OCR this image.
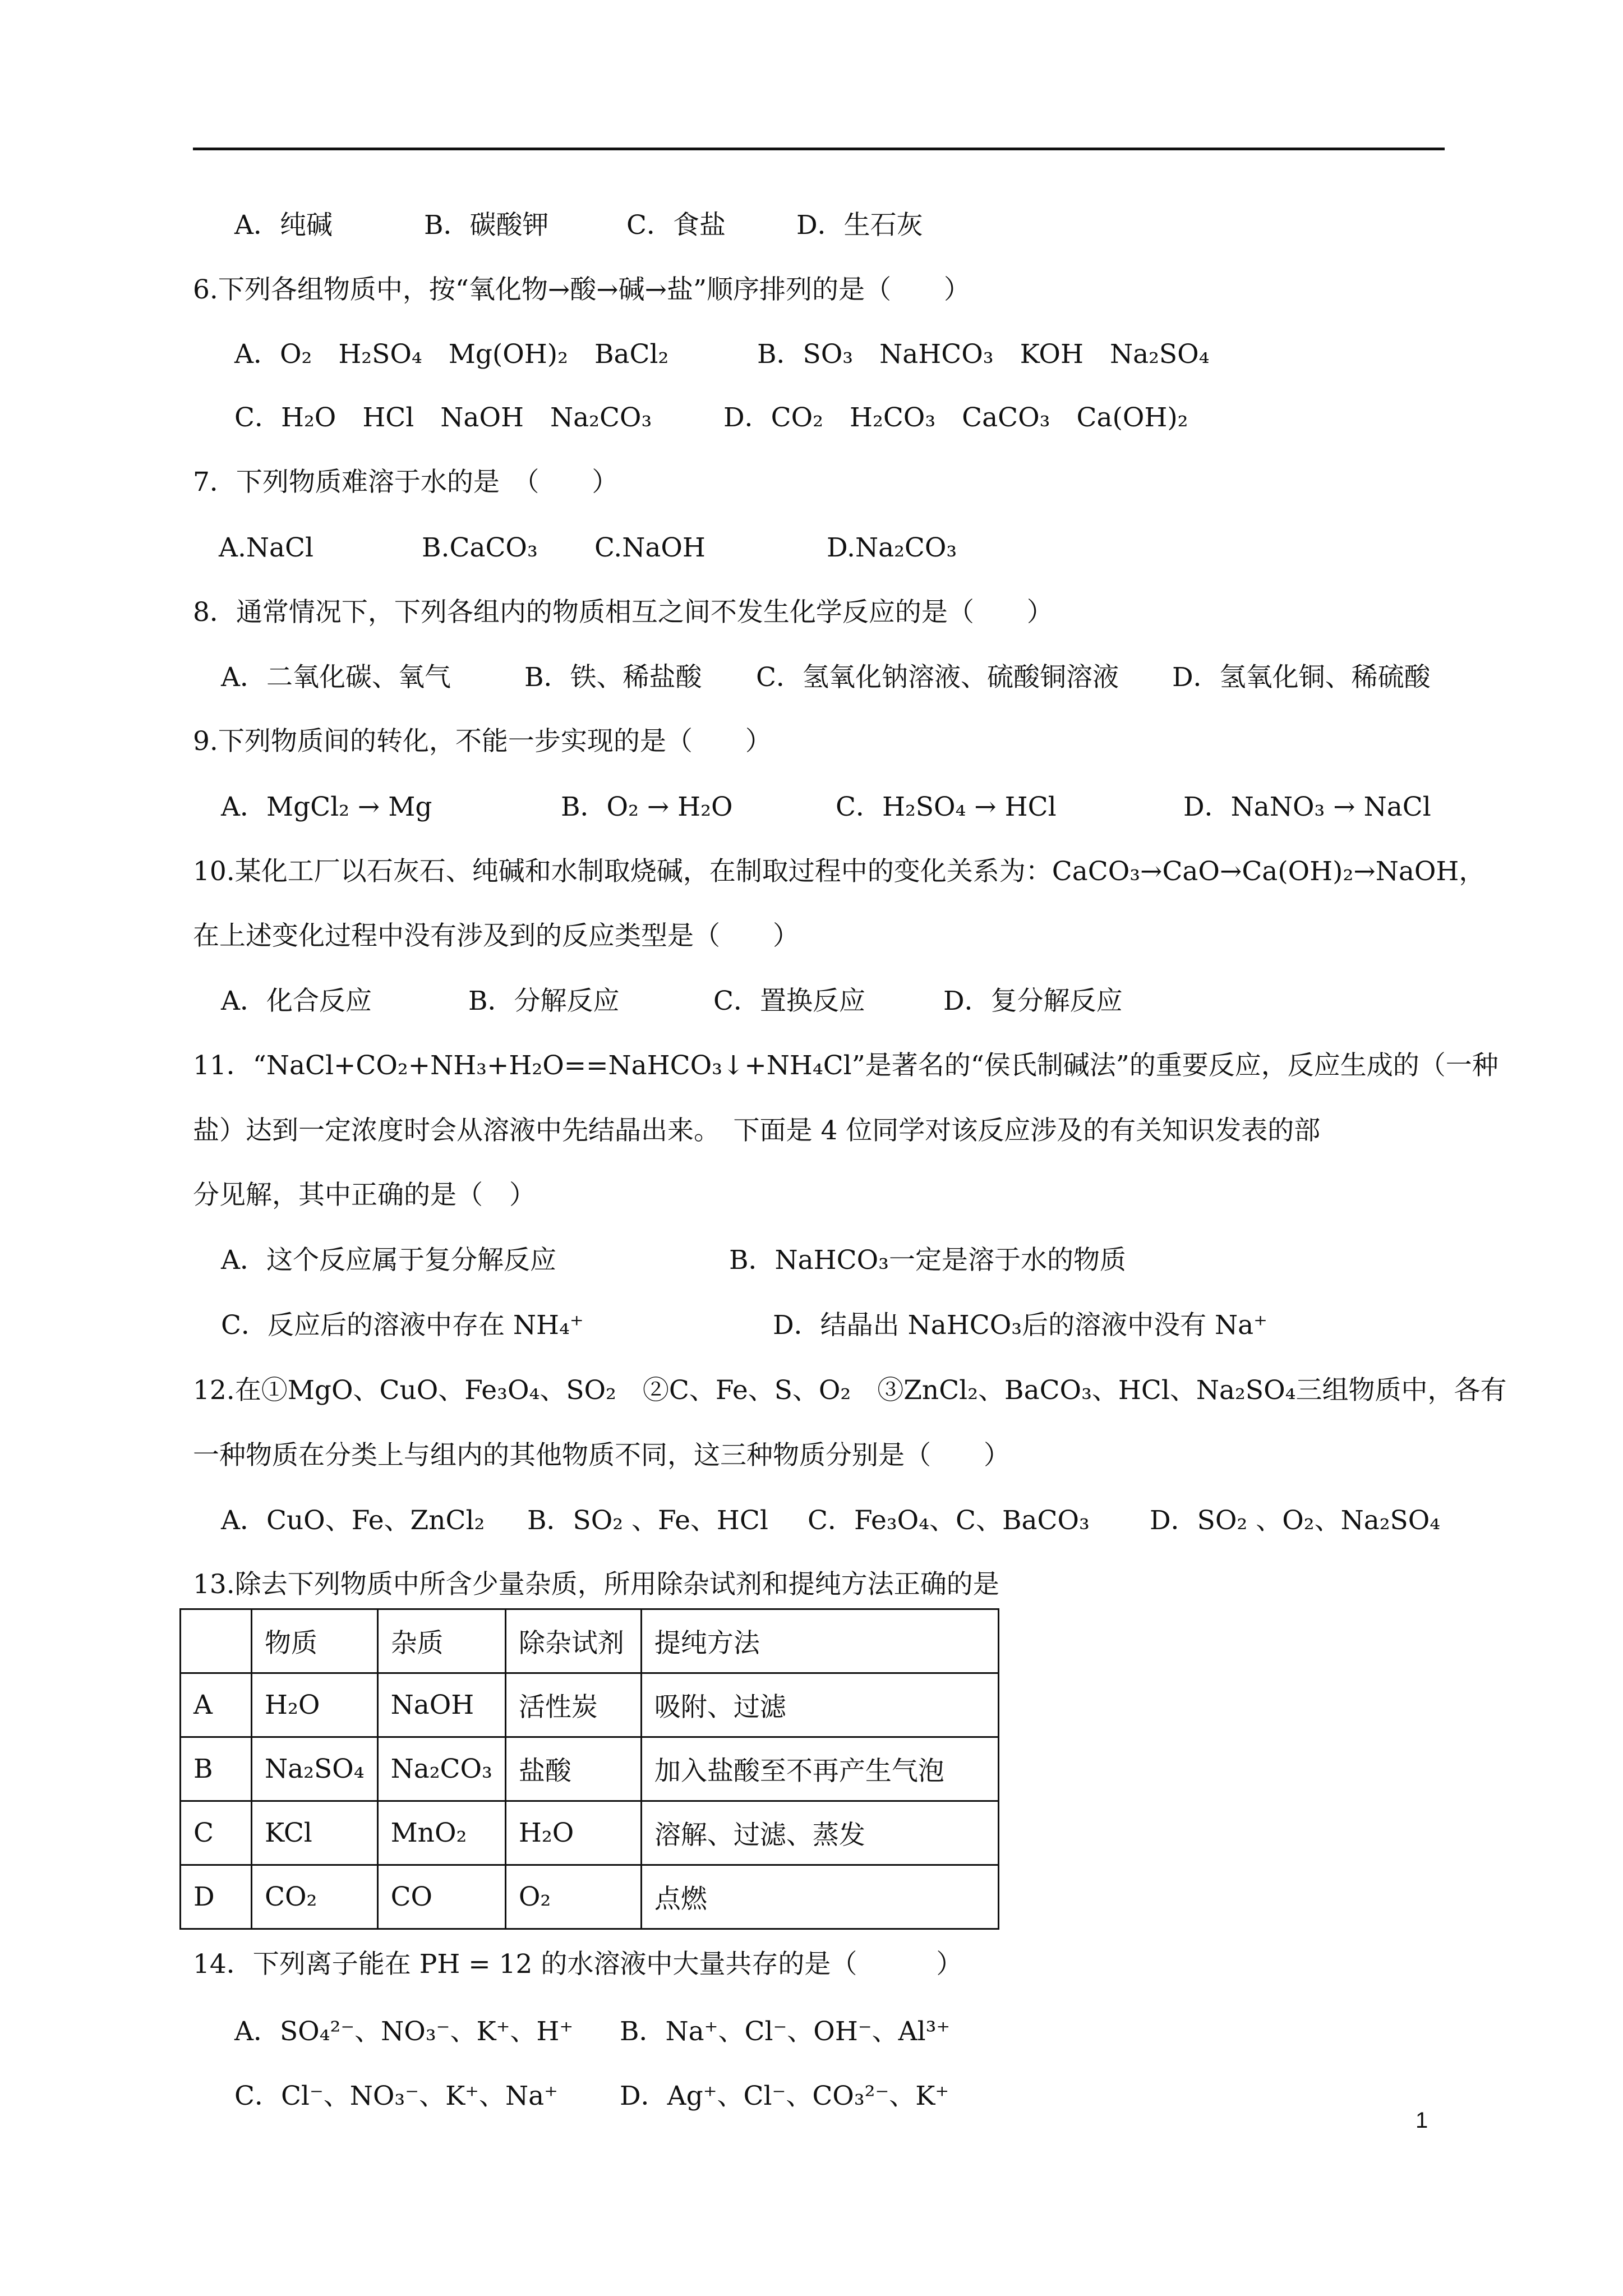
A．纯碱	B．碳酸钾	C．食盐	D．生石灰
6.下列各组物质中，按“氧化物→酸→碱→盐”顺序排列的是（　　）
A．O₂　H₂SO₄　Mg(OH)₂　BaCl₂	B．SO₃　NaHCO₃　KOH　Na₂SO₄
C．H₂O　HCl　NaOH　Na₂CO₃	D．CO₂　H₂CO₃　CaCO₃　Ca(OH)₂
7．下列物质难溶于水的是　（　　）
A.NaCl	B.CaCO₃ C.NaOH	D.Na₂CO₃
8．通常情况下，下列各组内的物质相互之间不发生化学反应的是（　　）
A．二氧化碳、氧气	B．铁、稀盐酸 C．氢氧化钠溶液、硫酸铜溶液 D．氢氧化铜、稀硫酸
9.下列物质间的转化，不能一步实现的是（　　）
A．MgCl₂ → Mg	B．O₂ → H₂O	C．H₂SO₄ → HCl	D．NaNO₃ → NaCl
10.某化工厂以石灰石、纯碱和水制取烧碱，在制取过程中的变化关系为：CaCO₃→CaO→Ca(OH)₂→NaOH，
在上述变化过程中没有涉及到的反应类型是（　　）
A．化合反应	B．分解反应	C．置换反应	D．复分解反应
11．“NaCl+CO₂+NH₃+H₂O==NaHCO₃↓+NH₄Cl”是著名的“侯氏制碱法”的重要反应，反应生成的（一种
盐）达到一定浓度时会从溶液中先结晶出来。　下面是 4 位同学对该反应涉及的有关知识发表的部
分见解，其中正确的是（　）
A．这个反应属于复分解反应	B．NaHCO₃一定是溶于水的物质
C．反应后的溶液中存在 NH₄⁺	D．结晶出 NaHCO₃后的溶液中没有 Na⁺
12.在①MgO、CuO、Fe₃O₄、SO₂　②C、Fe、S、O₂　③ZnCl₂、BaCO₃、HCl、Na₂SO₄三组物质中，各有
一种物质在分类上与组内的其他物质不同，这三种物质分别是（　　）
A．CuO、Fe、ZnCl₂ B．SO₂ 、Fe、HCl C．Fe₃O₄、C、BaCO₃ D．SO₂ 、O₂、Na₂SO₄
13.除去下列物质中所含少量杂质，所用除杂试剂和提纯方法正确的是
	物质	杂质	除杂试剂	提纯方法
A	H₂O	NaOH	活性炭	吸附、过滤
B	Na₂SO₄	Na₂CO₃	盐酸	加入盐酸至不再产生气泡
C	KCl	MnO₂	H₂O	溶解、过滤、蒸发
D	CO₂	CO	O₂	点燃
14．下列离子能在 PH = 12 的水溶液中大量共存的是（　　　）
A．SO₄²⁻、NO₃⁻、K⁺、H⁺ B．Na⁺、Cl⁻、OH⁻、Al³⁺
C．Cl⁻、NO₃⁻、K⁺、Na⁺ D．Ag⁺、Cl⁻、CO₃²⁻、K⁺
1
